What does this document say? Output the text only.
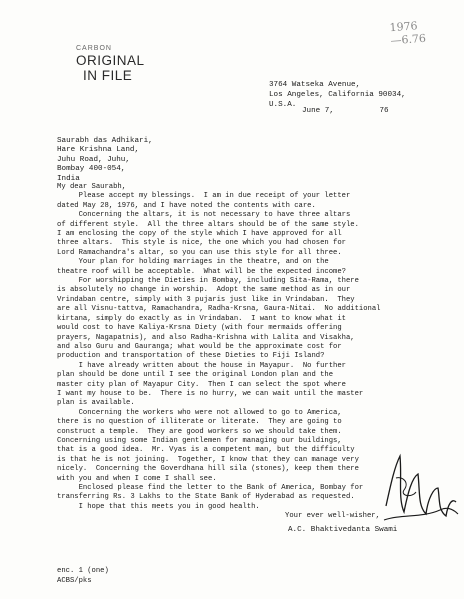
1976
—6.76
CARBON
ORIGINAL
IN FILE
3764 Watseka Avenue,
Los Angeles, California 90034,
U.S.A.
June 7,	76
Saurabh das Adhikari,
Hare Krishna Land,
Juhu Road, Juhu,
Bombay 400-054,
India
My dear Saurabh,
Please accept my blessings.  I am in due receipt of your letter
dated May 28, 1976, and I have noted the contents with care.
Concerning the altars, it is not necessary to have three altars
of different style.  All the three altars should be of the same style.
I am enclosing the copy of the style which I have approved for all
three altars.  This style is nice, the one which you had chosen for
Lord Ramachandra's altar, so you can use this style for all three.
Your plan for holding marriages in the theatre, and on the
theatre roof will be acceptable.  What will be the expected income?
For worshipping the Dieties in Bombay, including Sita-Rama, there
is absolutely no change in worship.  Adopt the same method as in our
Vrindaban centre, simply with 3 pujaris just like in Vrindaban.  They
are all Visnu-tattva, Ramachandra, Radha-Krsna, Gaura-Nitai.  No additional
kirtana, simply do exactly as in Vrindaban.  I want to know what it
would cost to have Kaliya-Krsna Diety (with four mermaids offering
prayers, Nagapatnis), and also Radha-Krishna with Lalita and Visakha,
and also Guru and Gauranga; what would be the approximate cost for
production and transportation of these Dieties to Fiji Island?
I have already written about the house in Mayapur.  No further
plan should be done until I see the original London plan and the
master city plan of Mayapur City.  Then I can select the spot where
I want my house to be.  There is no hurry, we can wait until the master
plan is available.
Concerning the workers who were not allowed to go to America,
there is no question of illiterate or literate.  They are going to
construct a temple.  They are good workers so we should take them.
Concerning using some Indian gentlemen for managing our buildings,
that is a good idea.  Mr. Vyas is a competent man, but the difficulty
is that he is not joining.  Together, I know that they can manage very
nicely.  Concerning the Goverdhana hill sila (stones), keep them there
with you and when I come I shall see.
Enclosed please find the letter to the Bank of America, Bombay for
transferring Rs. 3 Lakhs to the State Bank of Hyderabad as requested.
I hope that this meets you in good health.
Your ever well-wisher,
A.C. Bhaktivedanta Swami
enc. 1 (one)
ACBS/pks
